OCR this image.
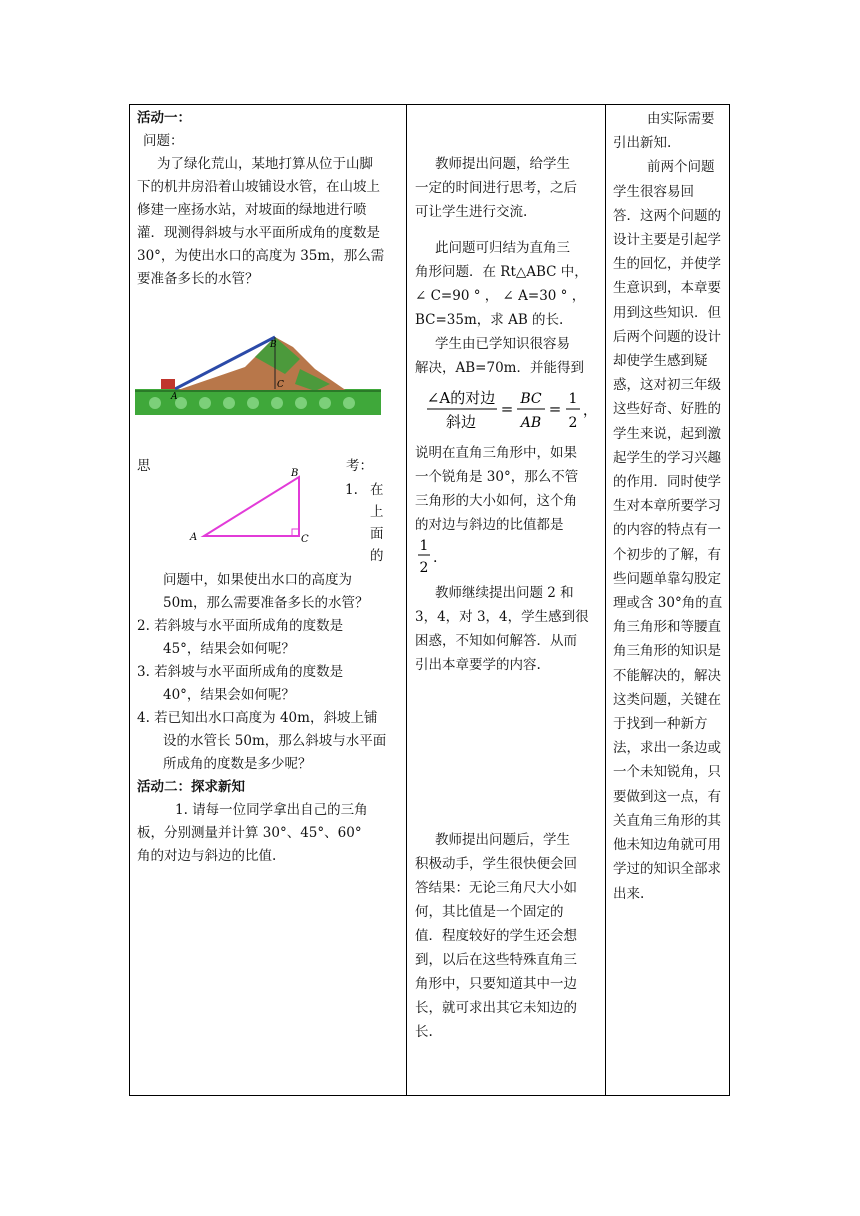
活动一：
问题：
为了绿化荒山，某地打算从位于山脚
下的机井房沿着山坡铺设水管，在山坡上
修建一座扬水站，对坡面的绿地进行喷
灌．现测得斜坡与水平面所成角的度数是
30°，为使出水口的高度为 35m，那么需
要准备多长的水管？
A
B
C
思	考：
1. 在
上
面
的
A
B
C
问题中，如果使出水口的高度为
50m，那么需要准备多长的水管？
2. 若斜坡与水平面所成角的度数是
45°，结果会如何呢？
3. 若斜坡与水平面所成角的度数是
40°，结果会如何呢？
4. 若已知出水口高度为 40m，斜坡上铺
设的水管长 50m，那么斜坡与水平面
所成角的度数是多少呢？
活动二：探求新知
1. 请每一位同学拿出自己的三角
板，分别测量并计算 30°、45°、60°
角的对边与斜边的比值.
教师提出问题，给学生
一定的时间进行思考，之后
可让学生进行交流.
此问题可归结为直角三
角形问题．在 Rt△ABC 中，
∠ C=90 ° ， ∠ A=30 ° ，
BC=35m，求 AB 的长.
学生由已学知识很容易
解决，AB=70m．并能得到
∠A的对边
斜边
=
BC
AB
=
1
2
，
说明在直角三角形中，如果
一个锐角是 30°，那么不管
三角形的大小如何，这个角
的对边与斜边的比值都是
1
2
.
教师继续提出问题 2 和
3，4，对 3，4，学生感到很
困惑，不知如何解答．从而
引出本章要学的内容.
教师提出问题后，学生
积极动手，学生很快便会回
答结果：无论三角尺大小如
何，其比值是一个固定的
值．程度较好的学生还会想
到，以后在这些特殊直角三
角形中，只要知道其中一边
长，就可求出其它未知边的
长.
由实际需要
引出新知.
前两个问题
学生很容易回
答．这两个问题的
设计主要是引起学
生的回忆，并使学
生意识到，本章要
用到这些知识．但
后两个问题的设计
却使学生感到疑
惑，这对初三年级
这些好奇、好胜的
学生来说，起到激
起学生的学习兴趣
的作用．同时使学
生对本章所要学习
的内容的特点有一
个初步的了解，有
些问题单靠勾股定
理或含 30°角的直
角三角形和等腰直
角三角形的知识是
不能解决的，解决
这类问题，关键在
于找到一种新方
法，求出一条边或
一个未知锐角，只
要做到这一点，有
关直角三角形的其
他未知边角就可用
学过的知识全部求
出来.
